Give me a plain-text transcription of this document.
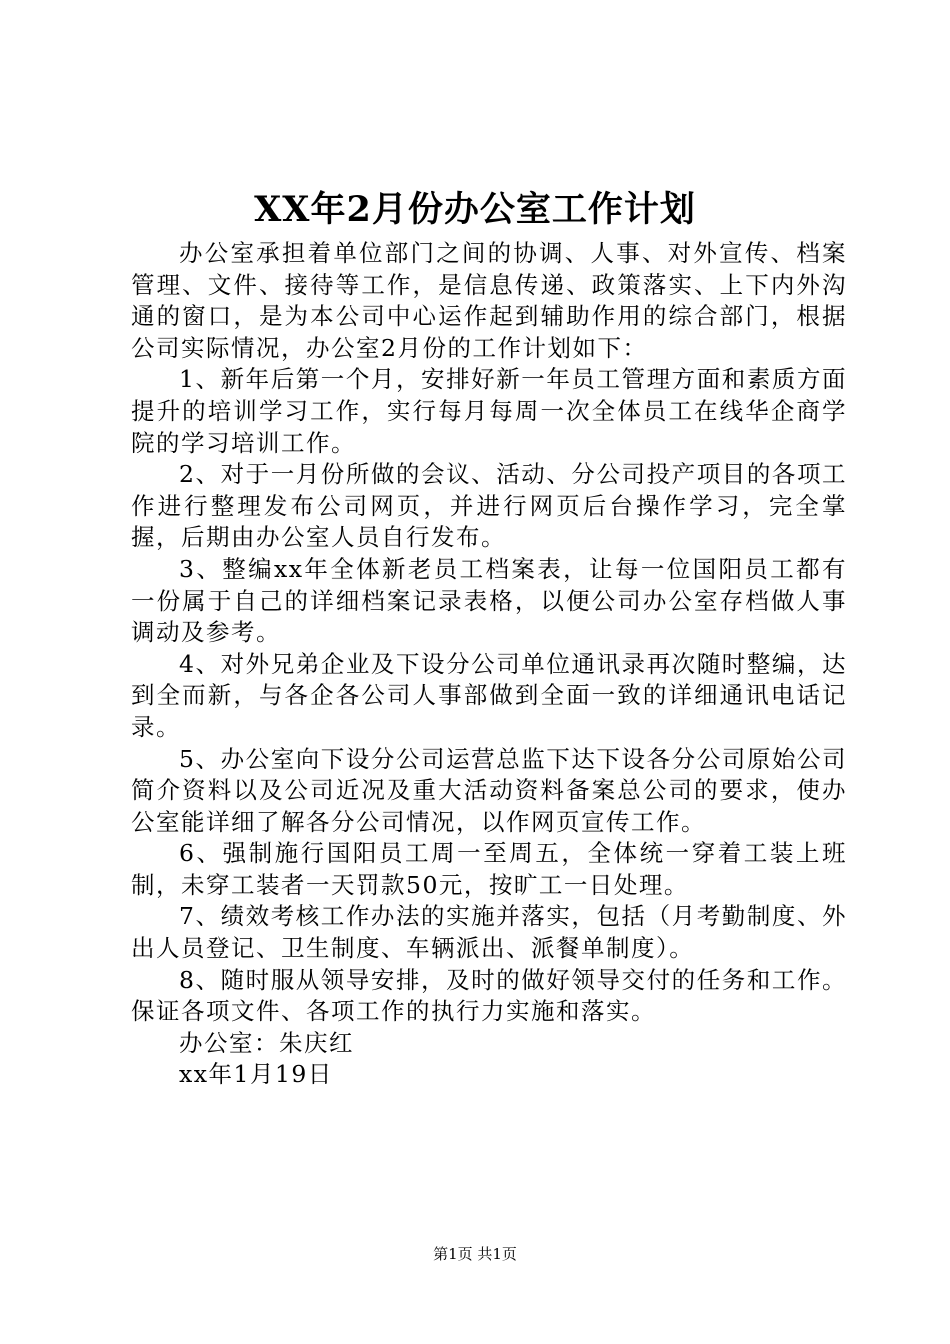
XX年2月份办公室工作计划

办公室承担着单位部门之间的协调、人事、对外宣传、档案管理、文件、接待等工作，是信息传递、政策落实、上下内外沟通的窗口，是为本公司中心运作起到辅助作用的综合部门，根据公司实际情况，办公室2月份的工作计划如下：

1、新年后第一个月，安排好新一年员工管理方面和素质方面提升的培训学习工作，实行每月每周一次全体员工在线华企商学院的学习培训工作。

2、对于一月份所做的会议、活动、分公司投产项目的各项工作进行整理发布公司网页，并进行网页后台操作学习，完全掌握，后期由办公室人员自行发布。

3、整编xx年全体新老员工档案表，让每一位国阳员工都有一份属于自己的详细档案记录表格，以便公司办公室存档做人事调动及参考。

4、对外兄弟企业及下设分公司单位通讯录再次随时整编，达到全而新，与各企各公司人事部做到全面一致的详细通讯电话记录。

5、办公室向下设分公司运营总监下达下设各分公司原始公司简介资料以及公司近况及重大活动资料备案总公司的要求，使办公室能详细了解各分公司情况，以作网页宣传工作。

6、强制施行国阳员工周一至周五，全体统一穿着工装上班制，未穿工装者一天罚款50元，按旷工一日处理。

7、绩效考核工作办法的实施并落实，包括（月考勤制度、外出人员登记、卫生制度、车辆派出、派餐单制度）。

8、随时服从领导安排，及时的做好领导交付的任务和工作。保证各项文件、各项工作的执行力实施和落实。

办公室：朱庆红

xx年1月19日

第1页 共1页
